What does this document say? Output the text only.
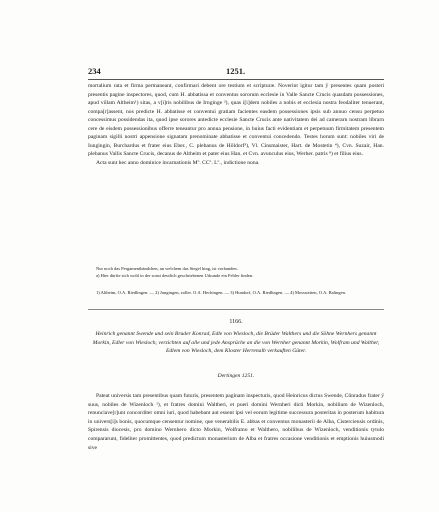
234	1251.

mortalium rata et firma permaneant, confirmari debent ore testium et scripturæ. Noverint igitur tam ÿ presentes quam posteri presentis pagine inspectores, quod, cum H. abbatissa et conventus sororum ecclesie in Valle Sancte Crucis quasdam possessiones, apud villam Altheim¹) sitas, a v[i]ris nobilibus de Irnginge ²), quas i[i]dem nobiles a nobis et ecclesia nostra feodaliter tenuerant, compa[r]assent, nos predicte H. abbatisse et conventui gratiam facientes easdem possessiones ipsis sub annuo censu perpetuo concessimus possidendas ita, quod ipse sorores antedicte ecclesie Sancte Crucis ante nativitatem dei ad camerarn nostram librarn cere de eisdem possessionibus offerre teneantur pro annua pensione, in huius facti evidentiam et perpetuum firmitatem presentem paginam sigilli nostri appensione signatam prenominate abbatisse et conventui concedendo. Testes horum sunt: nobiles viri de Iungingin, Burchardus et frater eius Eber., C. plebanus de Hôldorf³), Vl. Cinsmaister, Hart. de Mostetin ⁴), Cvn. Suzair, Han. plebanus Vallis Sancte Crucis, decanus de Altheim et pater eius Han. et Cvn. avunculus eius, Werher. patris ⁸) et filius eius.

Acta sunt hec anno dominice incarnationis Mº. CCº. Lº., indictione nona.

Nur noch das Pergamentbändchen, an welchem das Siegel hing, ist vorhanden.

a) Hier dürfte sich wohl in der sonst deutlich geschriebenen Urkunde ein Fehler finden.

1) Altheim, O.A. Riedlingen. — 2) Jungingen, zoller. O.A. Hechingen. — 3) Hundorf, O.A. Riedlingen. — 4) Mossstetten, O.A. Balingen.

1166.
Heinrich genannt Swende und sein Bruder Konrad, Edle von Wiesloch, die Brüder Walthers und die Söhne Wernhers genannt Morkin, Edler von Wiesloch, verzichten auf alle und jede Ansprüche an die von Wernher genannt Morkin, Wolfram und Walther, Edlem von Wiesloch, dem Kloster Herrenalb verkauften Güter.
Dertingen 1251.

Pateat universis tam presentibus quam futuris, presentem paginam inspecturis, quod Heinricus dictus Swende, Cůnradus frater ÿ suus, nobiles de Wizenloch ¹), et fratres domini Waltheri, et pueri domini Wernheri dicti Morkin, nobilium de Wizenloch, renunciave[r]unt concorditer omni iuri, quod habebant aut essent ipsi vel eorum legitime successura posteritas in posterum habitura in univers[i]s bonis, quocumque censentur nomine, que venerabilis E. abbas et conventus monasterii de Alba, Cisterciensis ordinis, Spirensis diocesis, pro domino Wernhero dicto Morkin, Wolframo et Walthero, nobilibus de Wizenloch, venditionis tytulo compararunt, fideliter promittentes, quod predictum monasterium de Alba et fratres occasione venditionis et emptionis huiusmodi sive
